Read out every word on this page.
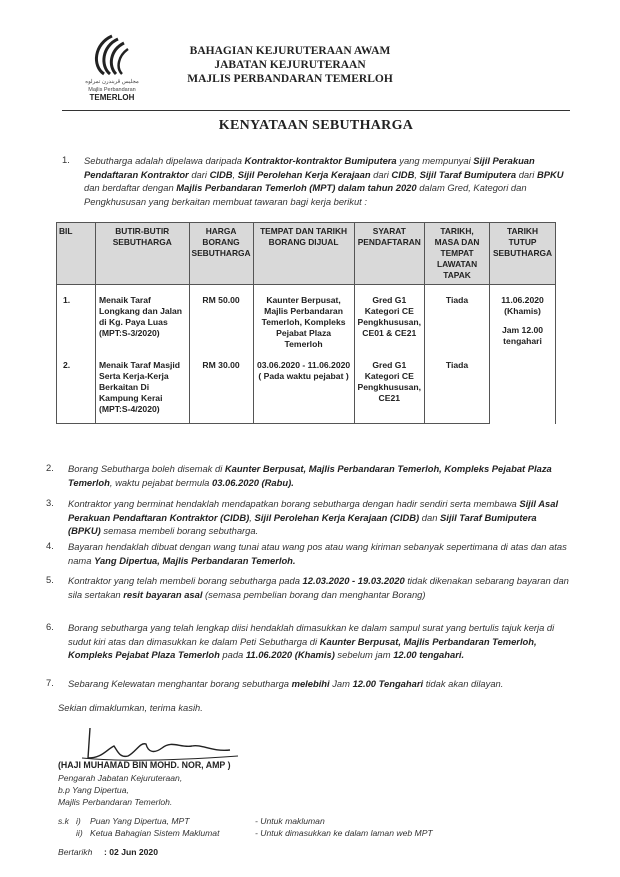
مجليس ڤربندرن تمرلوه
Majlis Perbandaran
TEMERLOH
BAHAGIAN KEJURUTERAAN AWAM
JABATAN KEJURUTERAAN
MAJLIS PERBANDARAN TEMERLOH
KENYATAAN SEBUTHARGA
1. Sebutharga adalah dipelawa daripada Kontraktor-kontraktor Bumiputera yang mempunyai Sijil Perakuan Pendaftaran Kontraktor dari CIDB, Sijil Perolehan Kerja Kerajaan dari CIDB, Sijil Taraf Bumiputera dari BPKU dan berdaftar dengan Majlis Perbandaran Temerloh (MPT) dalam tahun 2020 dalam Gred, Kategori dan Pengkhususan yang berkaitan membuat tawaran bagi kerja berikut :
BIL	BUTIR-BUTIR SEBUTHARGA	HARGA BORANG SEBUTHARGA	TEMPAT DAN TARIKH BORANG DIJUAL	SYARAT PENDAFTARAN	TARIKH, MASA DAN TEMPAT LAWATAN TAPAK	TARIKH TUTUP SEBUTHARGA
1.	Menaik Taraf Longkang dan Jalan di Kg. Paya Luas (MPT:S-3/2020)	RM 50.00	Kaunter Berpusat, Majlis Perbandaran Temerloh, Kompleks Pejabat Plaza Temerloh	Gred G1 Kategori CE Pengkhususan, CE01 & CE21	Tiada	11.06.2020
(Khamis)
Jam 12.00
tengahari

2.	Menaik Taraf Masjid Serta Kerja-Kerja Berkaitan Di Kampung Kerai (MPT:S-4/2020)	RM 30.00	03.06.2020 - 11.06.2020 ( Pada waktu pejabat )	Gred G1 Kategori CE Pengkhususan, CE21	Tiada	
2. Borang Sebutharga boleh disemak di Kaunter Berpusat, Majlis Perbandaran Temerloh, Kompleks Pejabat Plaza Temerloh, waktu pejabat bermula 03.06.2020 (Rabu).
3. Kontraktor yang berminat hendaklah mendapatkan borang sebutharga dengan hadir sendiri serta membawa Sijil Asal Perakuan Pendaftaran Kontraktor (CIDB), Sijil Perolehan Kerja Kerajaan (CIDB) dan Sijil Taraf Bumiputera (BPKU) semasa membeli borang sebutharga.
4. Bayaran hendaklah dibuat dengan wang tunai atau wang pos atau wang kiriman sebanyak sepertimana di atas dan atas nama Yang Dipertua, Majlis Perbandaran Temerloh.
5. Kontraktor yang telah membeli borang sebutharga pada 12.03.2020 - 19.03.2020 tidak dikenakan sebarang bayaran dan sila sertakan resit bayaran asal (semasa pembelian borang dan menghantar Borang)
6. Borang sebutharga yang telah lengkap diisi hendaklah dimasukkan ke dalam sampul surat yang bertulis tajuk kerja di sudut kiri atas dan dimasukkan ke dalam Peti Sebutharga di Kaunter Berpusat, Majlis Perbandaran Temerloh, Kompleks Pejabat Plaza Temerloh pada 11.06.2020 (Khamis) sebelum jam 12.00 tengahari.
7. Sebarang Kelewatan menghantar borang sebutharga melebihi Jam 12.00 Tengahari tidak akan dilayan.
Sekian dimaklumkan, terima kasih.
(HAJI MUHAMAD BIN MOHD. NOR, AMP )
Pengarah Jabatan Kejuruteraan,
b.p Yang Dipertua,
Majlis Perbandaran Temerloh.
s.k i) Puan Yang Dipertua, MPT	- Untuk makluman
ii) Ketua Bahagian Sistem Maklumat	- Untuk dimasukkan ke dalam laman web MPT
Bertarikh : 02 Jun 2020
